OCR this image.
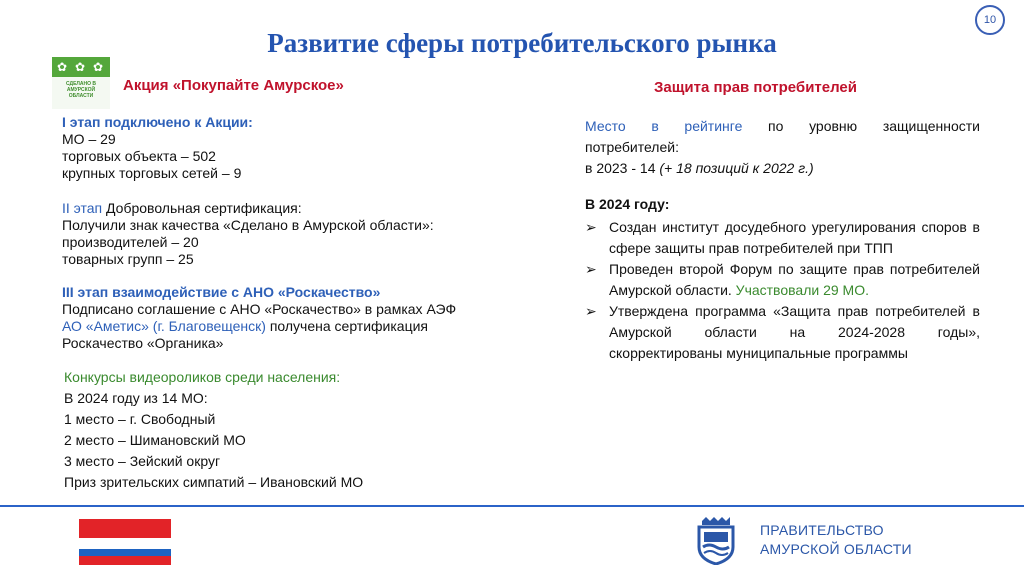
10
Развитие сферы потребительского рынка
✿ ✿ ✿
СДЕЛАНО В АМУРСКОЙ ОБЛАСТИ
Акция «Покупайте Амурское»	Защита прав потребителей
I этап подключено к Акции:
МО – 29
торговых объекта – 502
крупных торговых сетей – 9
II этап Добровольная сертификация:
Получили знак качества «Сделано в Амурской области»:
производителей – 20
товарных групп – 25
III этап взаимодействие с АНО «Роскачество»
Подписано соглашение с АНО «Роскачество» в рамках АЭФ
АО «Аметис» (г. Благовещенск) получена сертификация
Роскачество «Органика»
Конкурсы видеороликов среди населения:
В 2024 году из 14 МО:
1 место – г. Свободный
2 место – Шимановский МО
3 место – Зейский округ
Приз зрительских симпатий – Ивановский МО
Место в рейтинге по уровню защищенности
потребителей:
в 2023 - 14 (+ 18 позиций к 2022 г.)
В 2024 году:
➢ Создан институт досудебного урегулирования споров в сфере защиты прав потребителей при ТПП
➢ Проведен второй Форум по защите прав потребителей Амурской области. Участвовали 29 МО.
➢ Утверждена программа «Защита прав потребителей в Амурской области на 2024-2028 годы», скорректированы муниципальные программы
ПРАВИТЕЛЬСТВО
АМУРСКОЙ ОБЛАСТИ
